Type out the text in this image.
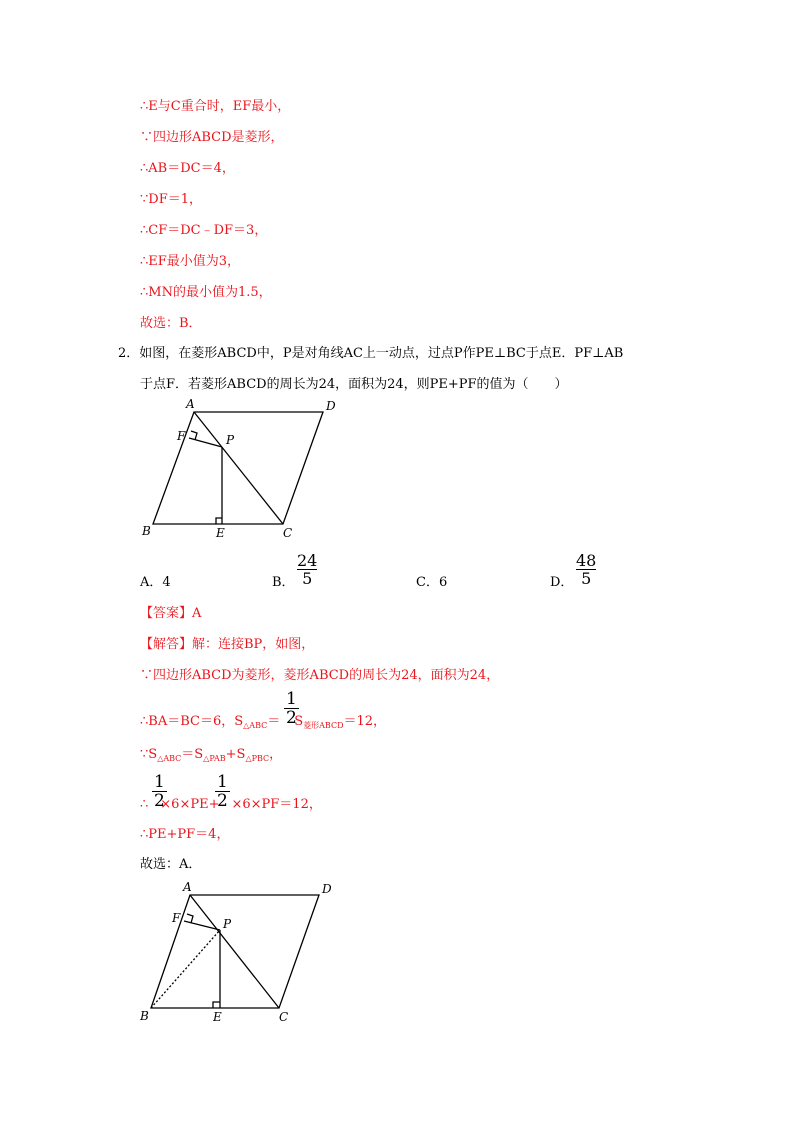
∴E与C重合时，EF最小，
∵四边形ABCD是菱形，
∴AB＝DC＝4，
∵DF＝1，
∴CF＝DC﹣DF＝3，
∴EF最小值为3，
∴MN的最小值为1.5，
故选：B．
2．如图，在菱形ABCD中，P是对角线AC上一动点，过点P作PE⊥BC于点E．PF⊥AB
于点F．若菱形ABCD的周长为24，面积为24，则PE+PF的值为（　　）
A	D
F	P
B	E	C
A．4	B． $\frac{24}{5}$	C．6	D． $\frac{48}{5}$
【答案】A
【解答】解：连接BP，如图，
∵四边形ABCD为菱形，菱形ABCD的周长为24，面积为24，
∴BA＝BC＝6，$S_{\triangle ABC}= S_{菱形ABCD}=12$，
$\frac{1}{2}$
$\because S_{\triangle ABC}=S_{\triangle PAB}+S_{\triangle PBC}$，
∴ ×6×PE+ ×6×PF＝12，
$\frac{1}{2}$	$\frac{1}{2}$
∴PE+PF＝4，
故选：A．
A	D
F	P
B	E	C
